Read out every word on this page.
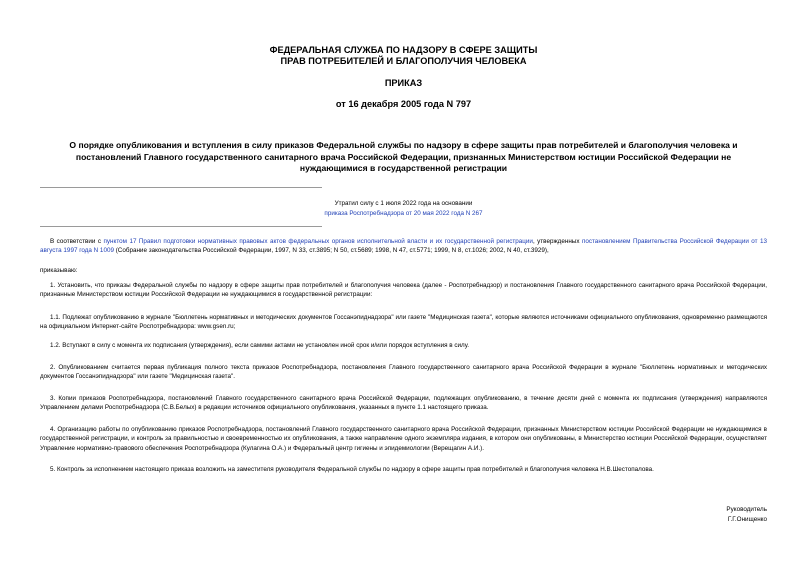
ФЕДЕРАЛЬНАЯ СЛУЖБА ПО НАДЗОРУ В СФЕРЕ ЗАЩИТЫ
ПРАВ ПОТРЕБИТЕЛЕЙ И БЛАГОПОЛУЧИЯ ЧЕЛОВЕКА
ПРИКАЗ
от 16 декабря 2005 года N 797
О порядке опубликования и вступления в силу приказов Федеральной службы по надзору в сфере защиты прав потребителей и благополучия человека и
постановлений Главного государственного санитарного врача Российской Федерации, признанных Министерством юстиции Российской Федерации не
нуждающимися в государственной регистрации
Утратил силу с 1 июля 2022 года на основании
приказа Роспотребнадзора от 20 мая 2022 года N 267
В соответствии с пунктом 17 Правил подготовки нормативных правовых актов федеральных органов исполнительной власти и их государственной регистрации, утвержденных постановлением Правительства Российской Федерации от 13 августа 1997 года N 1009 (Собрание законодательства Российской Федерации, 1997, N 33, ст.3895; N 50, ст.5689; 1998, N 47, ст.5771; 1999, N 8, ст.1026; 2002, N 40, ст.3929),
приказываю:
1. Установить, что приказы Федеральной службы по надзору в сфере защиты прав потребителей и благополучия человека (далее - Роспотребнадзор) и постановления Главного государственного санитарного врача Российской Федерации, признанные Министерством юстиции Российской Федерации не нуждающимися в государственной регистрации:
1.1. Подлежат опубликованию в журнале "Бюллетень нормативных и методических документов Госсанэпиднадзора" или газете "Медицинская газета", которые являются источниками официального опубликования, одновременно размещаются на официальном Интернет-сайте Роспотребнадзора: www.gsen.ru;
1.2. Вступают в силу с момента их подписания (утверждения), если самими актами не установлен иной срок и/или порядок вступления в силу.
2. Опубликованием считается первая публикация полного текста приказов Роспотребнадзора, постановления Главного государственного санитарного врача Российской Федерации в журнале "Бюллетень нормативных и методических документов Госсанэпиднадзора" или газете "Медицинская газета".
3. Копии приказов Роспотребнадзора, постановлений Главного государственного санитарного врача Российской Федерации, подлежащих опубликованию, в течение десяти дней с момента их подписания (утверждения) направляются Управлением делами Роспотребнадзора (С.В.Белых) в редакции источников официального опубликования, указанных в пункте 1.1 настоящего приказа.
4. Организацию работы по опубликованию приказов Роспотребнадзора, постановлений Главного государственного санитарного врача Российской Федерации, признанных Министерством юстиции Российской Федерации не нуждающимися в государственной регистрации, и контроль за правильностью и своевременностью их опубликования, а также направление одного экземпляра издания, в котором они опубликованы, в Министерство юстиции Российской Федерации, осуществляет Управление нормативно-правового обеспечения Роспотребнадзора (Кулагина О.А.) и Федеральный центр гигиены и эпидемиологии (Верещагин А.И.).
5. Контроль за исполнением настоящего приказа возложить на заместителя руководителя Федеральной службы по надзору в сфере защиты прав потребителей и благополучия человека Н.В.Шестопалова.
Руководитель
Г.Г.Онищенко
